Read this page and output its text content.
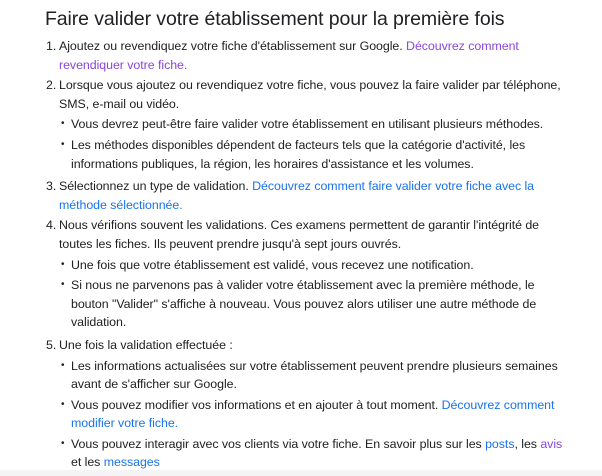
Faire valider votre établissement pour la première fois
1. Ajoutez ou revendiquez votre fiche d'établissement sur Google. Découvrez comment revendiquer votre fiche.
2. Lorsque vous ajoutez ou revendiquez votre fiche, vous pouvez la faire valider par téléphone, SMS, e-mail ou vidéo.
• Vous devrez peut-être faire valider votre établissement en utilisant plusieurs méthodes.
• Les méthodes disponibles dépendent de facteurs tels que la catégorie d'activité, les informations publiques, la région, les horaires d'assistance et les volumes.
3. Sélectionnez un type de validation. Découvrez comment faire valider votre fiche avec la méthode sélectionnée.
4. Nous vérifions souvent les validations. Ces examens permettent de garantir l'intégrité de toutes les fiches. Ils peuvent prendre jusqu'à sept jours ouvrés.
• Une fois que votre établissement est validé, vous recevez une notification.
• Si nous ne parvenons pas à valider votre établissement avec la première méthode, le bouton "Valider" s'affiche à nouveau. Vous pouvez alors utiliser une autre méthode de validation.
5. Une fois la validation effectuée :
• Les informations actualisées sur votre établissement peuvent prendre plusieurs semaines avant de s'afficher sur Google.
• Vous pouvez modifier vos informations et en ajouter à tout moment. Découvrez comment modifier votre fiche.
• Vous pouvez interagir avec vos clients via votre fiche. En savoir plus sur les posts, les avis et les messages
